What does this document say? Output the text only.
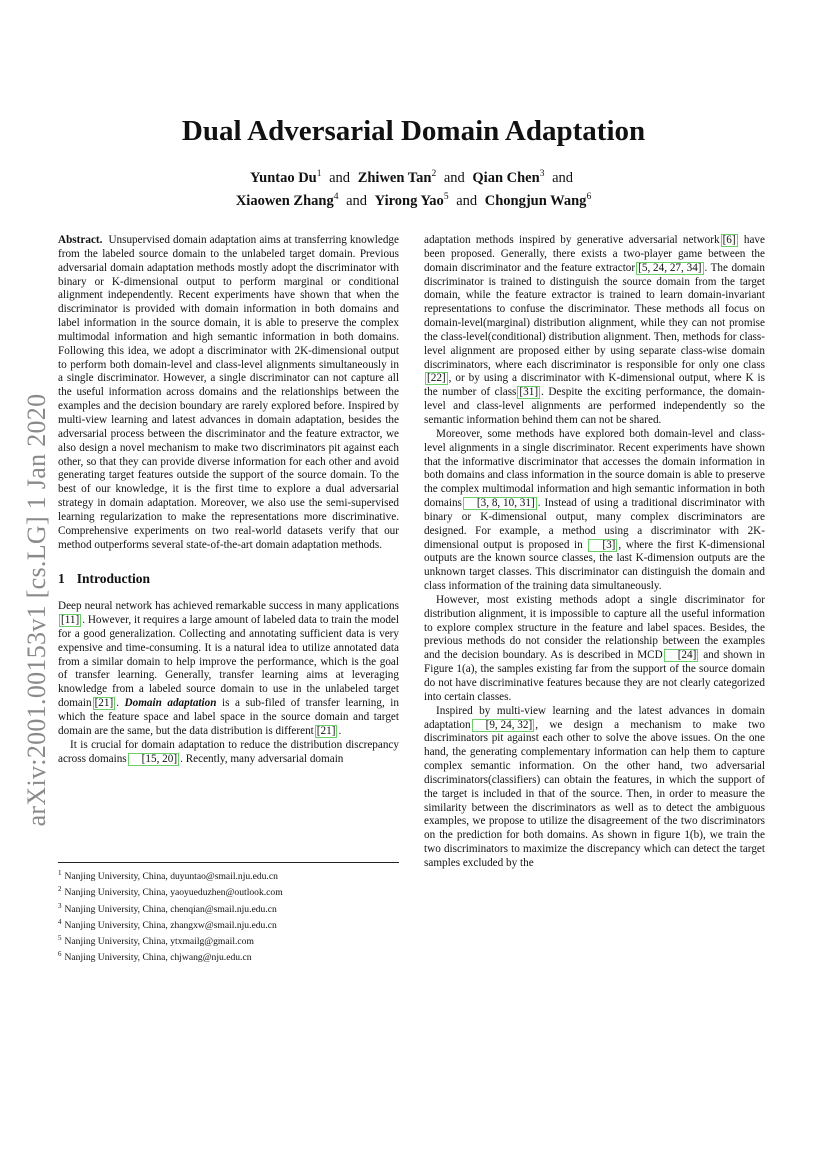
arXiv:2001.00153v1 [cs.LG] 1 Jan 2020
Dual Adversarial Domain Adaptation
Yuntao Du$^1$ and Zhiwen Tan$^2$ and Qian Chen$^3$ and
Xiaowen Zhang$^4$ and Yirong Yao$^5$ and Chongjun Wang$^6$

Abstract. Unsupervised domain adaptation aims at transferring knowledge from the labeled source domain to the unlabeled target domain. Previous adversarial domain adaptation methods mostly adopt the discriminator with binary or K-dimensional output to perform marginal or conditional alignment independently. Recent experiments have shown that when the discriminator is provided with domain information in both domains and label information in the source domain, it is able to preserve the complex multimodal information and high semantic information in both domains. Following this idea, we adopt a discriminator with 2K-dimensional output to perform both domain-level and class-level alignments simultaneously in a single discriminator. However, a single discriminator can not capture all the useful information across domains and the relationships between the examples and the decision boundary are rarely explored before. Inspired by multi-view learning and latest advances in domain adaptation, besides the adversarial process between the discriminator and the feature extractor, we also design a novel mechanism to make two discriminators pit against each other, so that they can provide diverse information for each other and avoid generating target features outside the support of the source domain. To the best of our knowledge, it is the first time to explore a dual adversarial strategy in domain adaptation. Moreover, we also use the semi-supervised learning regularization to make the representations more discriminative. Comprehensive experiments on two real-world datasets verify that our method outperforms several state-of-the-art domain adaptation methods.

1 Introduction

Deep neural network has achieved remarkable success in many applications [11] . However, it requires a large amount of labeled data to train the model for a good generalization. Collecting and annotating sufficient data is very expensive and time-consuming. It is a natural idea to utilize annotated data from a similar domain to help improve the performance, which is the goal of transfer learning. Generally, transfer learning aims at leveraging knowledge from a labeled source domain to use in the unlabeled target domain [21] . Domain adaptation is a sub-filed of transfer learning, in which the feature space and label space in the source domain and target domain are the same, but the data distribution is different [21] .

It is crucial for domain adaptation to reduce the distribution discrepancy across domains [15, 20] . Recently, many adversarial domain

$^1$ Nanjing University, China, duyuntao@smail.nju.edu.cn
$^2$ Nanjing University, China, yaoyueduzhen@outlook.com
$^3$ Nanjing University, China, chenqian@smail.nju.edu.cn
$^4$ Nanjing University, China, zhangxw@smail.nju.edu.cn
$^5$ Nanjing University, China, ytxmailg@gmail.com
$^6$ Nanjing University, China, chjwang@nju.edu.cn

adaptation methods inspired by generative adversarial network [6] have been proposed. Generally, there exists a two-player game between the domain discriminator and the feature extractor [5, 24, 27, 34] . The domain discriminator is trained to distinguish the source domain from the target domain, while the feature extractor is trained to learn domain-invariant representations to confuse the discriminator. These methods all focus on domain-level(marginal) distribution alignment, while they can not promise the class-level(conditional) distribution alignment. Then, methods for class-level alignment are proposed either by using separate class-wise domain discriminators, where each discriminator is responsible for only one class[22] , or by using a discriminator with K-dimensional output, where K is the number of class [31] . Despite the exciting performance, the domain-level and class-level alignments are performed independently so the semantic information behind them can not be shared.

Moreover, some methods have explored both domain-level and class-level alignments in a single discriminator. Recent experiments have shown that the informative discriminator that accesses the domain information in both domains and class information in the source domain is able to preserve the complex multimodal information and high semantic information in both domains [3, 8, 10, 31] . Instead of using a traditional discriminator with binary or K-dimensional output, many complex discriminators are designed. For example, a method using a discriminator with 2K-dimensional output is proposed in [3] , where the first K-dimensional outputs are the known source classes, the last K-dimension outputs are the unknown target classes. This discriminator can distinguish the domain and class information of the training data simultaneously.

However, most existing methods adopt a single discriminator for distribution alignment, it is impossible to capture all the useful information to explore complex structure in the feature and label spaces. Besides, the previous methods do not consider the relationship between the examples and the decision boundary. As is described in MCD [24] and shown in Figure 1(a), the samples existing far from the support of the source domain do not have discriminative features because they are not clearly categorized into certain classes.

Inspired by multi-view learning and the latest advances in domain adaptation [9, 24, 32] , we design a mechanism to make two discriminators pit against each other to solve the above issues. On the one hand, the generating complementary information can help them to capture complex semantic information. On the other hand, two adversarial discriminators(classifiers) can obtain the features, in which the support of the target is included in that of the source. Then, in order to measure the similarity between the discriminators as well as to detect the ambiguous examples, we propose to utilize the disagreement of the two discriminators on the prediction for both domains. As shown in figure 1(b), we train the two discriminators to maximize the discrepancy which can detect the target samples excluded by the
